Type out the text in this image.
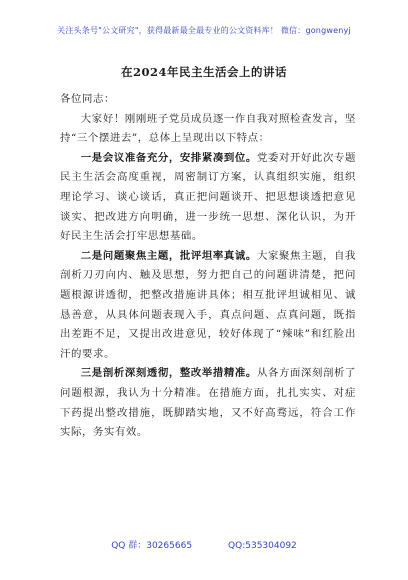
关注头条号"公文研究"，获得最新最全最专业的公文资料库！ 微信：gongwenyj
在2024年民主生活会上的讲话

各位同志：

大家好！刚刚班子党员成员逐一作自我对照检查发言，坚持“三个摆进去”，总体上呈现出以下特点：

一是会议准备充分，安排紧凑到位。党委对开好此次专题民主生活会高度重视，周密制订方案，认真组织实施，组织理论学习、谈心谈话，真正把问题谈开、把思想谈透把意见谈实、把改进方向明确，进一步统一思想、深化认识，为开好民主生活会打牢思想基础。

二是问题聚焦主题，批评坦率真诚。大家聚焦主题，自我剖析刀刃向内、触及思想，努力把自己的问题讲清楚，把问题根源讲透彻，把整改措施讲具体；相互批评坦诚相见、诚恳善意，从具体问题表现入手，真点问题、点真问题，既指出差距不足，又提出改进意见，较好体现了“辣味”和红脸出汗的要求。

三是剖析深刻透彻，整改举措精准。从各方面深刻剖析了问题根源，我认为十分精准。在措施方面，扎扎实实、对症下药提出整改措施，既脚踏实地，又不好高骛远，符合工作实际，务实有效。

QQ 群：30265665	QQ:535304092
